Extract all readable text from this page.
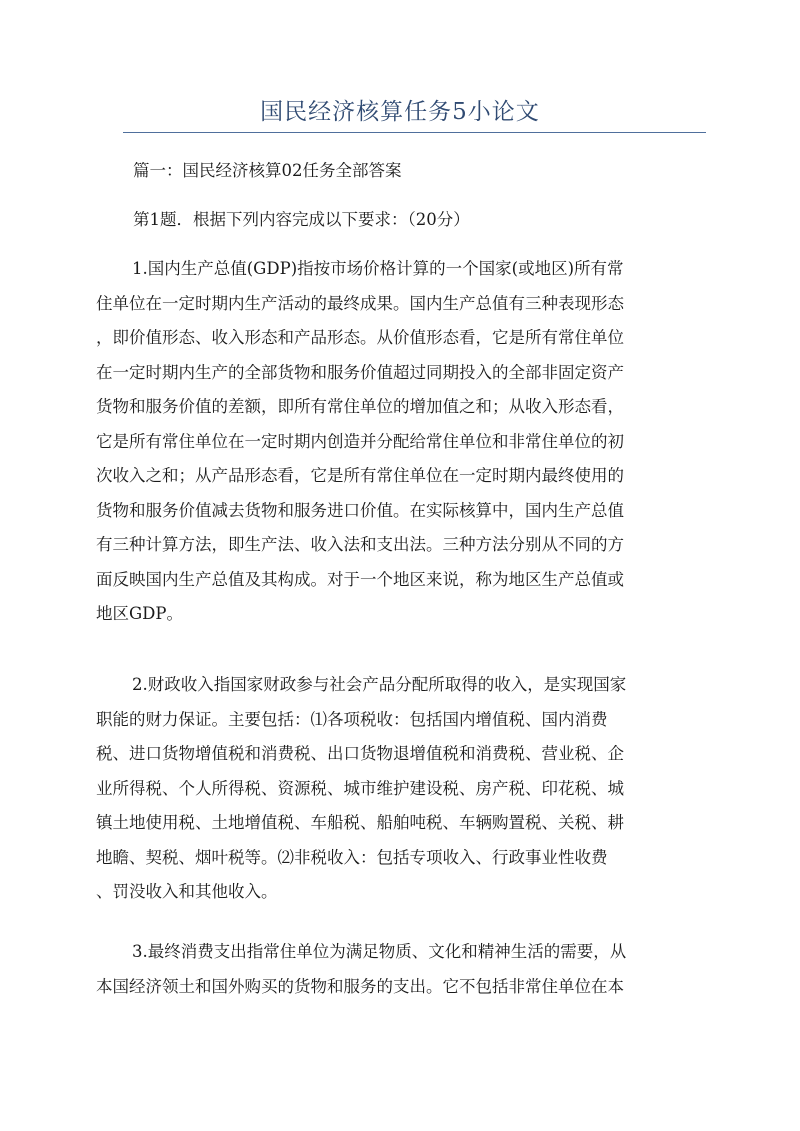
国民经济核算任务5小论文
篇一：国民经济核算02任务全部答案
第1题．根据下列内容完成以下要求：（20分）
1.国内生产总值(GDP)指按市场价格计算的一个国家(或地区)所有常
住单位在一定时期内生产活动的最终成果。国内生产总值有三种表现形态
，即价值形态、收入形态和产品形态。从价值形态看，它是所有常住单位
在一定时期内生产的全部货物和服务价值超过同期投入的全部非固定资产
货物和服务价值的差额，即所有常住单位的增加值之和；从收入形态看，
它是所有常住单位在一定时期内创造并分配给常住单位和非常住单位的初
次收入之和；从产品形态看，它是所有常住单位在一定时期内最终使用的
货物和服务价值减去货物和服务进口价值。在实际核算中，国内生产总值
有三种计算方法，即生产法、收入法和支出法。三种方法分别从不同的方
面反映国内生产总值及其构成。对于一个地区来说，称为地区生产总值或
地区GDP。
2.财政收入指国家财政参与社会产品分配所取得的收入，是实现国家
职能的财力保证。主要包括：⑴各项税收：包括国内增值税、国内消费
税、进口货物增值税和消费税、出口货物退增值税和消费税、营业税、企
业所得税、个人所得税、资源税、城市维护建设税、房产税、印花税、城
镇土地使用税、土地增值税、车船税、船舶吨税、车辆购置税、关税、耕
地瞻、契税、烟叶税等。⑵非税收入：包括专项收入、行政事业性收费
、罚没收入和其他收入。
3.最终消费支出指常住单位为满足物质、文化和精神生活的需要，从
本国经济领土和国外购买的货物和服务的支出。它不包括非常住单位在本
